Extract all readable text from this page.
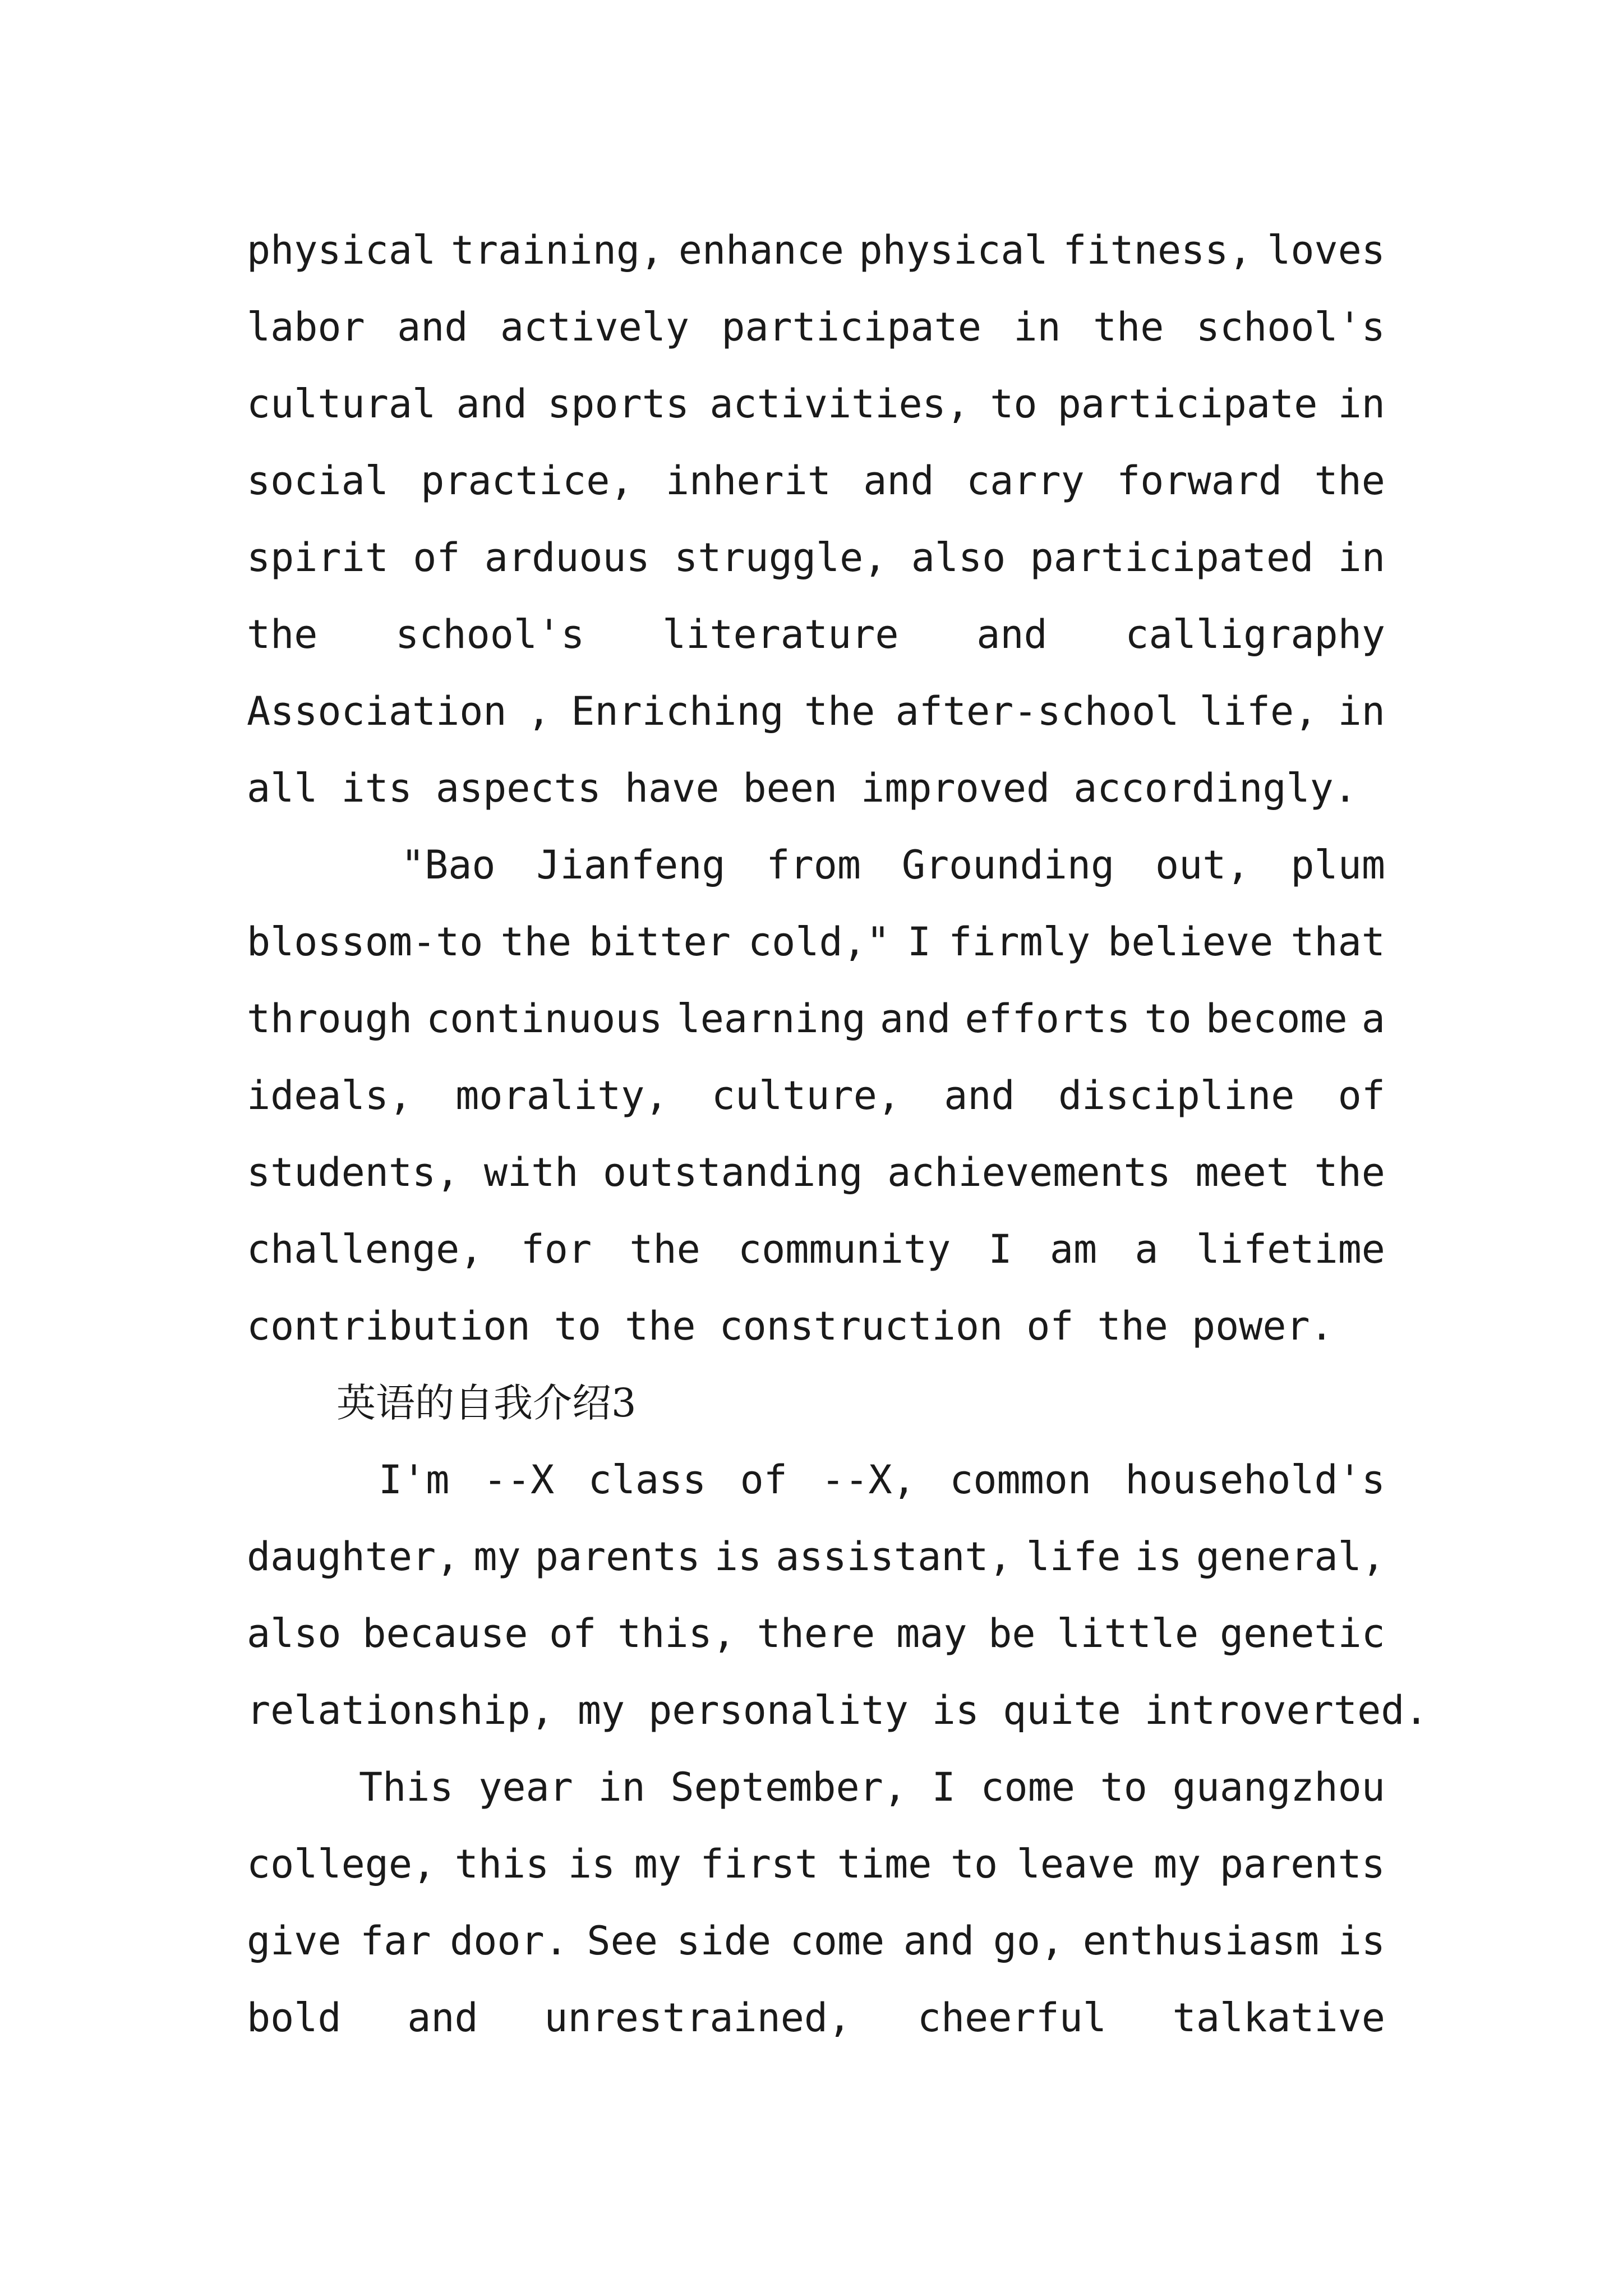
physical training, enhance physical fitness, loves
labor and actively participate in the school's
cultural and sports activities, to participate in
social practice, inherit and carry forward the
spirit of arduous struggle, also participated in
the school's literature and calligraphy
Association , Enriching the after-school life, in
all its aspects have been improved accordingly.
"Bao Jianfeng from Grounding out, plum
blossom-to the bitter cold," I firmly believe that
through continuous learning and efforts to become a
ideals, morality, culture, and discipline of
students, with outstanding achievements meet the
challenge, for the community I am a lifetime
contribution to the construction of the power.
英语的自我介绍3
I'm --X class of --X, common household's
daughter, my parents is assistant, life is general,
also because of this, there may be little genetic
relationship, my personality is quite introverted.
This year in September, I come to guangzhou
college, this is my first time to leave my parents
give far door. See side come and go, enthusiasm is
bold and unrestrained, cheerful talkative
